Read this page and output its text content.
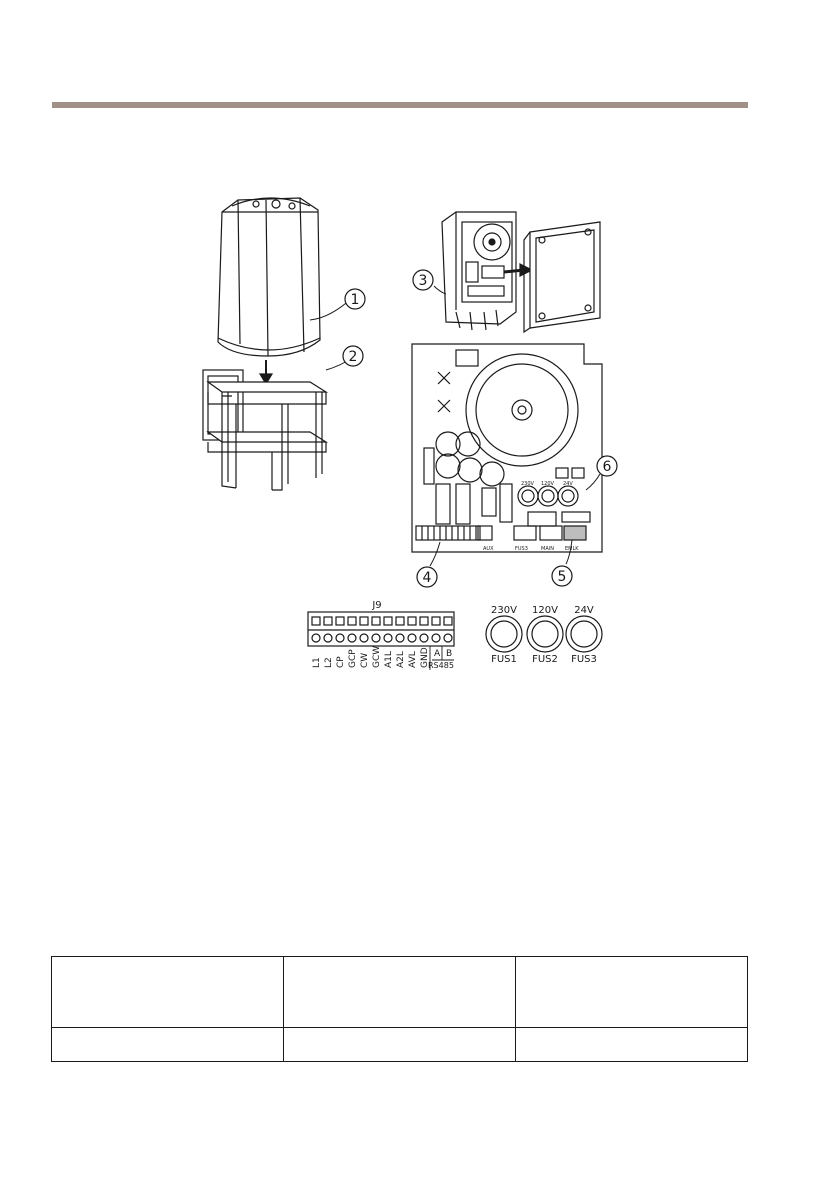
230V 120V 24V
AUX	FUS3	MAIN EMLK
1
2
3
4	5
6
J9
L1 L2 CP GCP CW GCW A1L A2L AVL GND A B
RS485
230V
FUS1
120V
FUS2
24V
FUS3
